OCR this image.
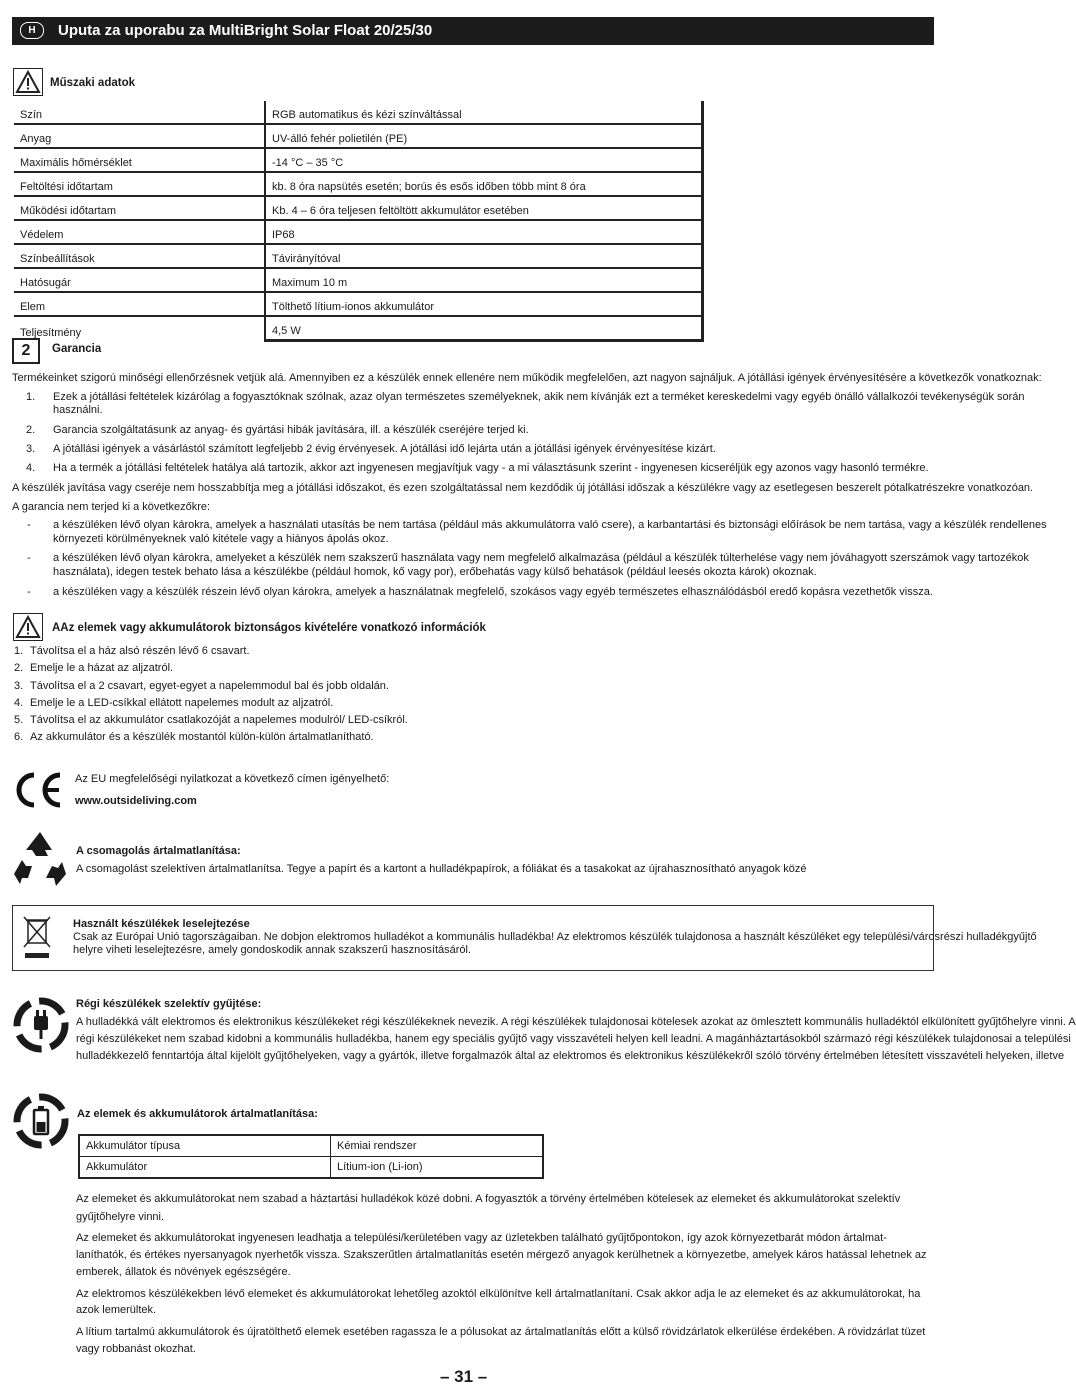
H	Uputa za uporabu za MultiBright Solar Float 20/25/30
Műszaki adatok
Szín	RGB automatikus és kézi színváltással
Anyag	UV-álló fehér polietilén (PE)
Maximális hőmérséklet	-14 °C – 35 °C
Feltöltési időtartam	kb. 8 óra napsütés esetén; borús és esős időben több mint 8 óra
Működési időtartam	Kb. 4 – 6 óra teljesen feltöltött akkumulátor esetében
Védelem	IP68
Színbeállítások	Távirányítóval
Hatósugár	Maximum 10 m
Elem	Tölthető lítium-ionos akkumulátor
Teljesítmény	4,5 W
2	Garancia
Termékeinket szigorú minőségi ellenőrzésnek vetjük alá. Amennyiben ez a készülék ennek ellenére nem működik megfelelően, azt nagyon sajnáljuk. A jótállási igények érvényesítésére a következők vonatkoznak:
1. Ezek a jótállási feltételek kizárólag a fogyasztóknak szólnak, azaz olyan természetes személyeknek, akik nem kívánják ezt a terméket kereskedelmi vagy egyéb önálló vállalkozói tevékenységük során
használni.
2. Garancia szolgáltatásunk az anyag- és gyártási hibák javítására, ill. a készülék cseréjére terjed ki.
3. A jótállási igények a vásárlástól számított legfeljebb 2 évig érvényesek. A jótállási idő lejárta után a jótállási igények érvényesítése kizárt.
4. Ha a termék a jótállási feltételek hatálya alá tartozik, akkor azt ingyenesen megjavítjuk vagy - a mi választásunk szerint - ingyenesen kicseréljük egy azonos vagy hasonló termékre.
A készülék javítása vagy cseréje nem hosszabbítja meg a jótállási időszakot, és ezen szolgáltatással nem kezdődik új jótállási időszak a készülékre vagy az esetlegesen beszerelt pótalkatrészekre vonatkozóan.
A garancia nem terjed ki a következőkre:
- a készüléken lévő olyan károkra, amelyek a használati utasítás be nem tartása (például más akkumulátorra való csere), a karbantartási és biztonsági előírások be nem tartása, vagy a készülék rendellenes
környezeti körülményeknek való kitétele vagy a hiányos ápolás okoz.
- a készüléken lévő olyan károkra, amelyeket a készülék nem szakszerű használata vagy nem megfelelő alkalmazása (például a készülék túlterhelése vagy nem jóváhagyott szerszámok vagy tartozékok
használata), idegen testek behato lása a készülékbe (például homok, kő vagy por), erőbehatás vagy külső behatások (például leesés okozta károk) okoznak.
- a készüléken vagy a készülék részein lévő olyan károkra, amelyek a használatnak megfelelő, szokásos vagy egyéb természetes elhasználódásból eredő kopásra vezethetők vissza.
AAz elemek vagy akkumulátorok biztonságos kivételére vonatkozó információk
1. Távolítsa el a ház alsó részén lévő 6 csavart.
2. Emelje le a házat az aljzatról.
3. Távolítsa el a 2 csavart, egyet-egyet a napelemmodul bal és jobb oldalán.
4. Emelje le a LED-csíkkal ellátott napelemes modult az aljzatról.
5. Távolítsa el az akkumulátor csatlakozóját a napelemes modulról/ LED-csíkról.
6. Az akkumulátor és a készülék mostantól külön-külön ártalmatlanítható.
Az EU megfelelőségi nyilatkozat a következő címen igényelhető:
www.outsideliving.com
A csomagolás ártalmatlanítása:
A csomagolást szelektíven ártalmatlanítsa. Tegye a papírt és a kartont a hulladékpapírok, a fóliákat és a tasakokat az újrahasznosítható anyagok közé
Használt készülékek leselejtezése
Csak az Európai Unió tagországaiban. Ne dobjon elektromos hulladékot a kommunális hulladékba! Az elektromos készülék tulajdonosa a használt készüléket egy települési/városrészi hulladékgyűjtő
helyre viheti leselejtezésre, amely gondoskodik annak szakszerű hasznosításáról.
Régi készülékek szelektív gyűjtése:
A hulladékká vált elektromos és elektronikus készülékeket régi készülékeknek nevezik. A régi készülékek tulajdonosai kötelesek azokat az ömlesztett kommunális hulladéktól elkülönített gyűjtőhelyre vinni. A
régi készülékeket nem szabad kidobni a kommunális hulladékba, hanem egy speciális gyűjtő vagy visszavételi helyen kell leadni. A magánháztartásokból származó régi készülékek tulajdonosai a települési
hulladékkezelő fenntartója által kijelölt gyűjtőhelyeken, vagy a gyártók, illetve forgalmazók által az elektromos és elektronikus készülékekről szóló törvény értelmében létesített visszavételi helyeken, illetve
Az elemek és akkumulátorok ártalmatlanítása:
Akkumulátor típusa	Kémiai rendszer
Akkumulátor	Lítium-ion (Li-ion)
Az elemeket és akkumulátorokat nem szabad a háztartási hulladékok közé dobni. A fogyasztók a törvény értelmében kötelesek az elemeket és akkumulátorokat szelektív
gyűjtőhelyre vinni.
Az elemeket és akkumulátorokat ingyenesen leadhatja a települési/kerületében vagy az üzletekben található gyűjtőpontokon, így azok környezetbarát módon ártalmat-
laníthatók, és értékes nyersanyagok nyerhetők vissza. Szakszerűtlen ártalmatlanítás esetén mérgező anyagok kerülhetnek a környezetbe, amelyek káros hatással lehetnek az
emberek, állatok és növények egészségére.
Az elektromos készülékekben lévő elemeket és akkumulátorokat lehetőleg azoktól elkülönítve kell ártalmatlanítani. Csak akkor adja le az elemeket és az akkumulátorokat, ha
azok lemerültek.
A lítium tartalmú akkumulátorok és újratölthető elemek esetében ragassza le a pólusokat az ártalmatlanítás előtt a külső rövidzárlatok elkerülése érdekében. A rövidzárlat tüzet
vagy robbanást okozhat.
– 31 –
